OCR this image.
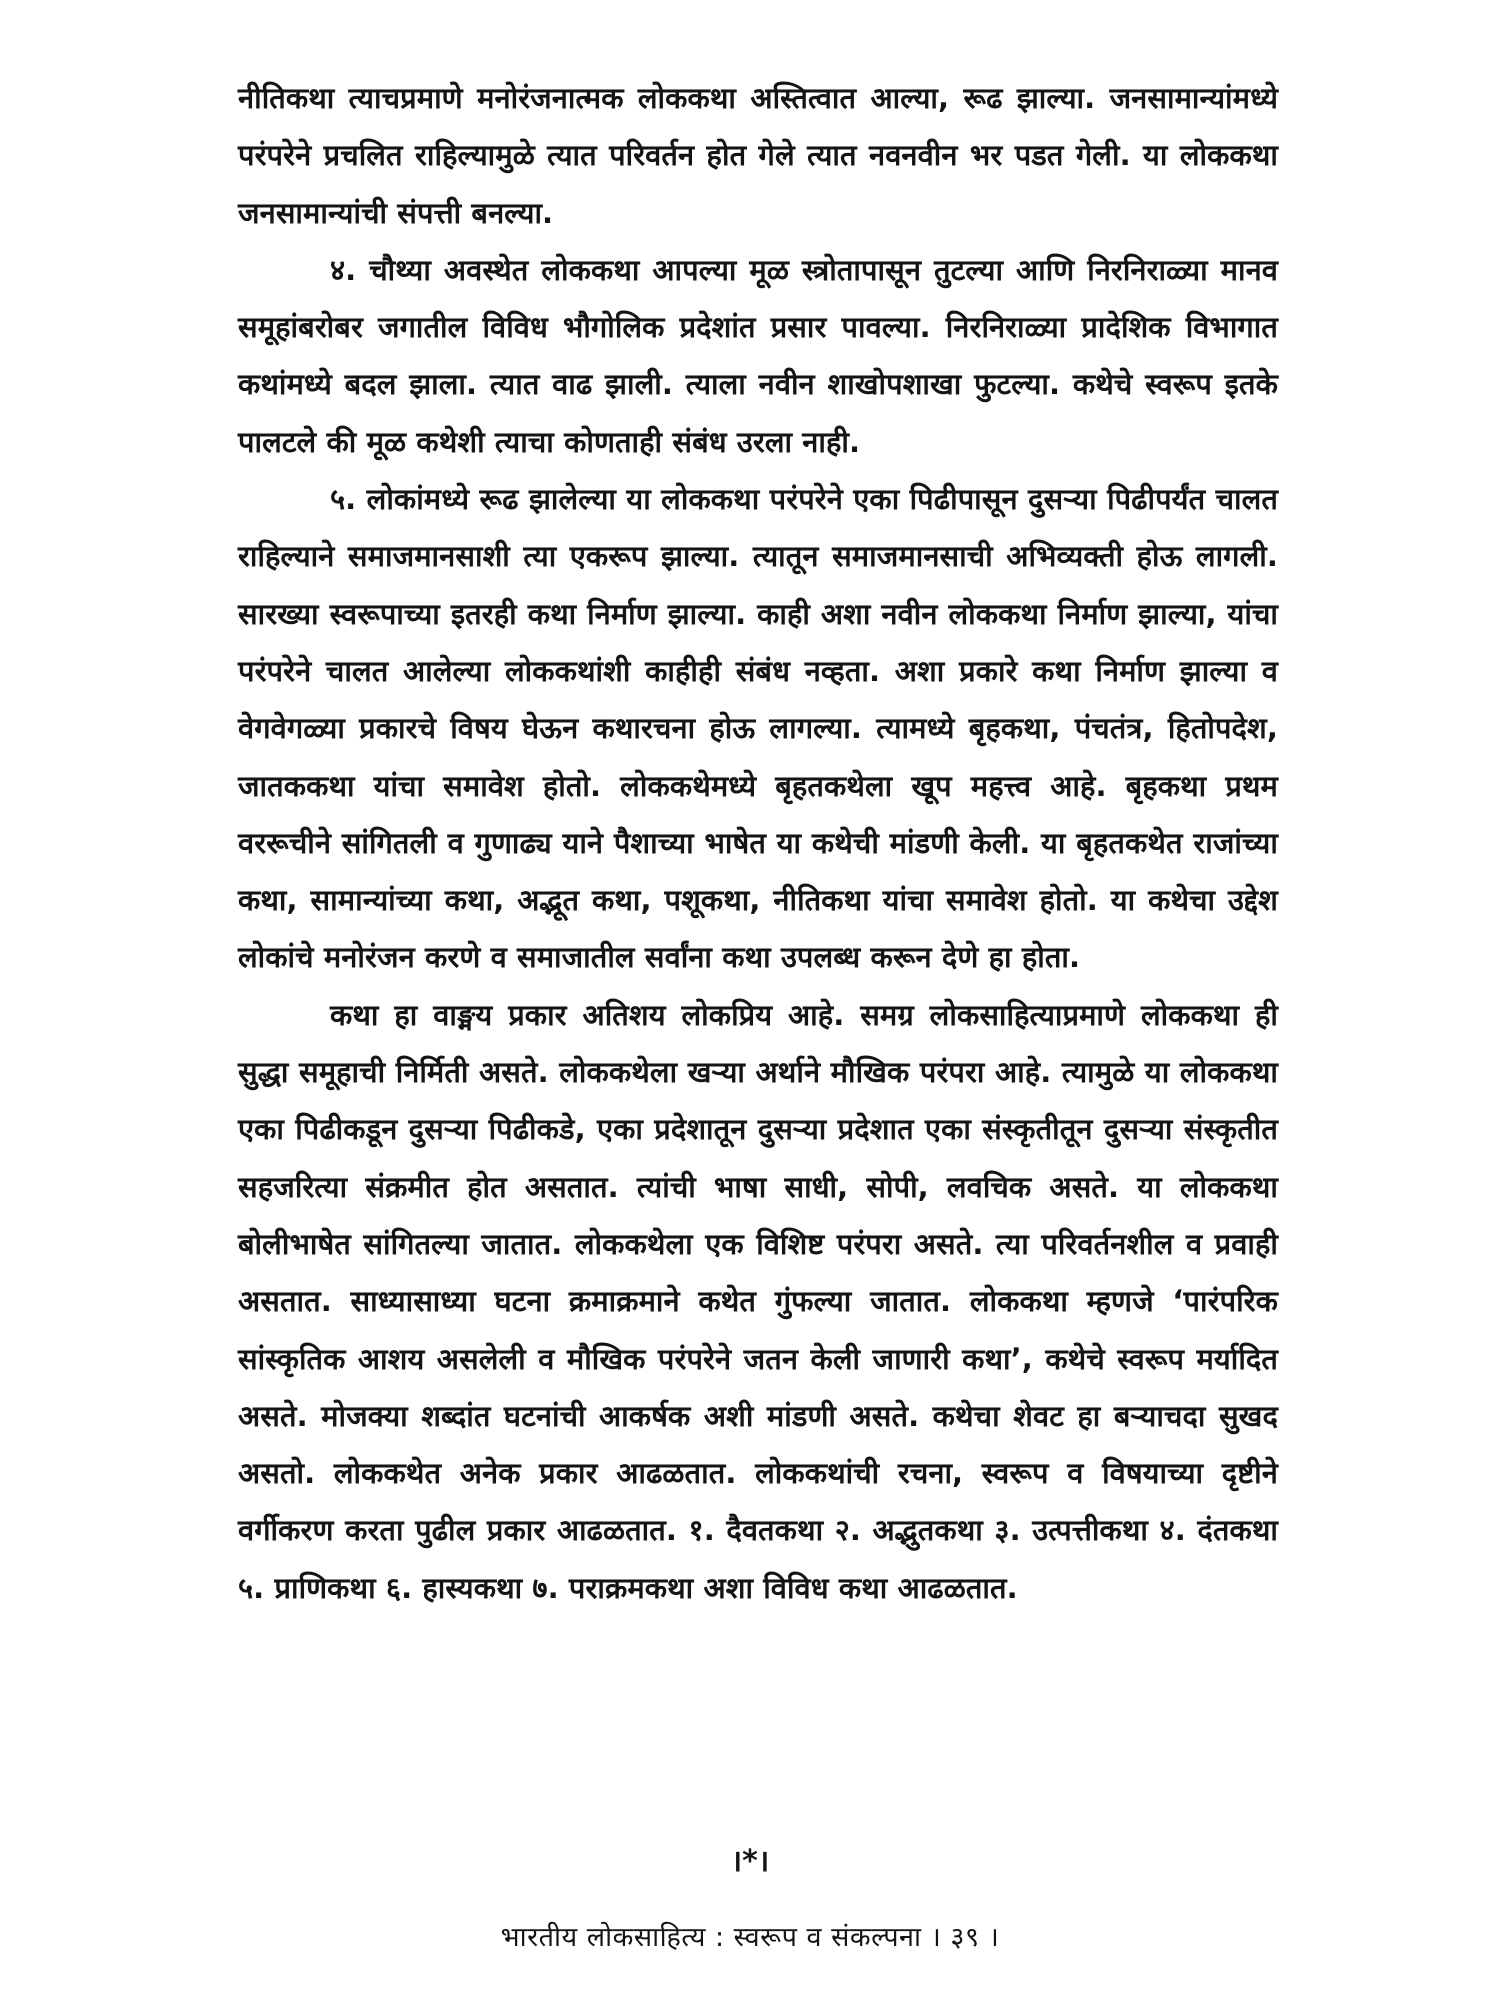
नीतिकथा त्याचप्रमाणे मनोरंजनात्मक लोककथा अस्तित्वात आल्या, रूढ झाल्या. जनसामान्यांमध्ये परंपरेने प्रचलित राहिल्यामुळे त्यात परिवर्तन होत गेले त्यात नवनवीन भर पडत गेली. या लोककथा जनसामान्यांची संपत्ती बनल्या.

४. चौथ्या अवस्थेत लोककथा आपल्या मूळ स्त्रोतापासून तुटल्या आणि निरनिराळ्या मानव समूहांबरोबर जगातील विविध भौगोलिक प्रदेशांत प्रसार पावल्या. निरनिराळ्या प्रादेशिक विभागात कथांमध्ये बदल झाला. त्यात वाढ झाली. त्याला नवीन शाखोपशाखा फुटल्या. कथेचे स्वरूप इतके पालटले की मूळ कथेशी त्याचा कोणताही संबंध उरला नाही.

५. लोकांमध्ये रूढ झालेल्या या लोककथा परंपरेने एका पिढीपासून दुसऱ्या पिढीपर्यंत चालत राहिल्याने समाजमानसाशी त्या एकरूप झाल्या. त्यातून समाजमानसाची अभिव्यक्ती होऊ लागली. सारख्या स्वरूपाच्या इतरही कथा निर्माण झाल्या. काही अशा नवीन लोककथा निर्माण झाल्या, यांचा परंपरेने चालत आलेल्या लोककथांशी काहीही संबंध नव्हता. अशा प्रकारे कथा निर्माण झाल्या व वेगवेगळ्या प्रकारचे विषय घेऊन कथारचना होऊ लागल्या. त्यामध्ये बृहकथा, पंचतंत्र, हितोपदेश, जातककथा यांचा समावेश होतो. लोककथेमध्ये बृहतकथेला खूप महत्त्व आहे. बृहकथा प्रथम वररूचीने सांगितली व गुणाढ्य याने पैशाच्या भाषेत या कथेची मांडणी केली. या बृहतकथेत राजांच्या कथा, सामान्यांच्या कथा, अद्भूत कथा, पशूकथा, नीतिकथा यांचा समावेश होतो. या कथेचा उद्देश लोकांचे मनोरंजन करणे व समाजातील सर्वांना कथा उपलब्ध करून देणे हा होता.

कथा हा वाङ्मय प्रकार अतिशय लोकप्रिय आहे. समग्र लोकसाहित्याप्रमाणे लोककथा ही सुद्धा समूहाची निर्मिती असते. लोककथेला खऱ्या अर्थाने मौखिक परंपरा आहे. त्यामुळे या लोककथा एका पिढीकडून दुसऱ्या पिढीकडे, एका प्रदेशातून दुसऱ्या प्रदेशात एका संस्कृतीतून दुसऱ्या संस्कृतीत सहजरित्या संक्रमीत होत असतात. त्यांची भाषा साधी, सोपी, लवचिक असते. या लोककथा बोलीभाषेत सांगितल्या जातात. लोककथेला एक विशिष्ट परंपरा असते. त्या परिवर्तनशील व प्रवाही असतात. साध्यासाध्या घटना क्रमाक्रमाने कथेत गुंफल्या जातात. लोककथा म्हणजे ‘पारंपरिक सांस्कृतिक आशय असलेली व मौखिक परंपरेने जतन केली जाणारी कथा’, कथेचे स्वरूप मर्यादित असते. मोजक्या शब्दांत घटनांची आकर्षक अशी मांडणी असते. कथेचा शेवट हा बऱ्याचदा सुखद असतो. लोककथेत अनेक प्रकार आढळतात. लोककथांची रचना, स्वरूप व विषयाच्या दृष्टीने वर्गीकरण करता पुढील प्रकार आढळतात. १. दैवतकथा २. अद्भुतकथा ३. उत्पत्तीकथा ४. दंतकथा ५. प्राणिकथा ६. हास्यकथा ७. पराक्रमकथा अशा विविध कथा आढळतात.

।*।
भारतीय लोकसाहित्य : स्वरूप व संकल्पना । ३९ ।
